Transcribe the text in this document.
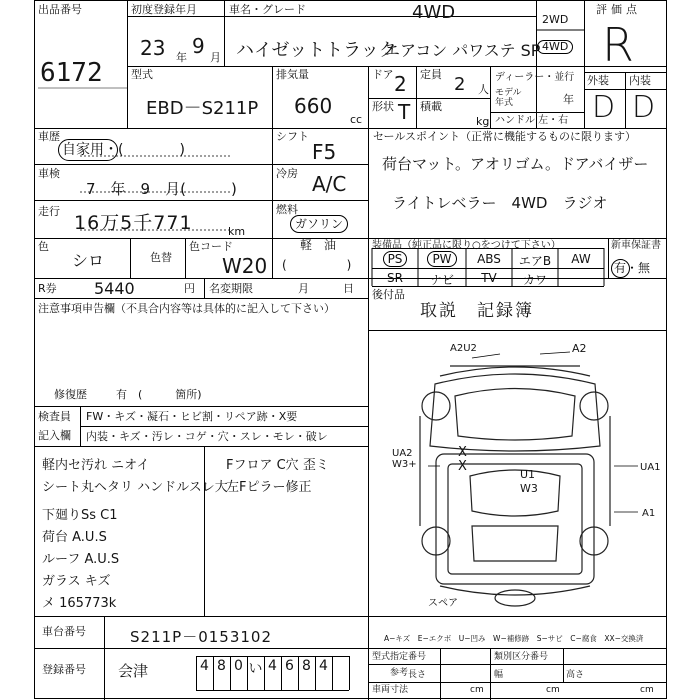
出品番号
6172
初度登録年月
23 年 9 月
車名・グレード	4WD
ハイゼットトラック
エアコン パワステ SP
2WD
4WD
評価点
R
型式
EBD－S211P
排気量
660
cc
ドア 2 定員 2 人
形状 T 積載
kg
ディーラー・並行
モデル年式	年
ハンドル 左・右
外装 内装
D D
車歴
自家用・(　　　　)
シフト
F5
車検
7　年　9　月(　　　)
冷房 A/C
走行
16万5千771	km
燃料
ガソリン
軽　油
(　　　)
色
シロ	色替
色コード
W20
R券 5440	円 名変期限	月　　日
セールスポイント（正常に機能するものに限ります）
荷台マット。アオリゴム。ドアバイザー
ライトレベラー　4WD　ラジオ
装備品（純正品に限り○をつけて下さい）
PS	PW	ABS	エアB	AW
SR	ナビ	TV	カワ
新車保証書
有・無
後付品
取説　記録簿
注意事項申告欄（不具合内容等は具体的に記入して下さい）
修復歴	有　(　　　箇所)
検査員
記入欄
FW・キズ・凝石・ヒビ割・リペア跡・X要
内装・キズ・汚レ・コゲ・穴・スレ・モレ・破レ
軽内セ汚れ ニオイ
シート丸ヘタリ ハンドルスレ大
下廻りSs C1
荷台 A.U.S
ルーフ A.U.S
ガラス キズ
メ 165773k
Fフロア C穴 歪ミ
左Fピラー修正
A2U2	A2
UA2
W3+
X
X
U1
W3
UA1
A1
スペア
A−キズ　E−エクボ　U−凹み　W−補修跡　S−サビ　C−腐食　XX−交換済
車台番号	S211P－0153102
登録番号 会津	4 8 0 い 4 6 8 4
型式指定番号
参考
類別区分番号
車両寸法
長さ	幅	高さ
cm	cm	cm
